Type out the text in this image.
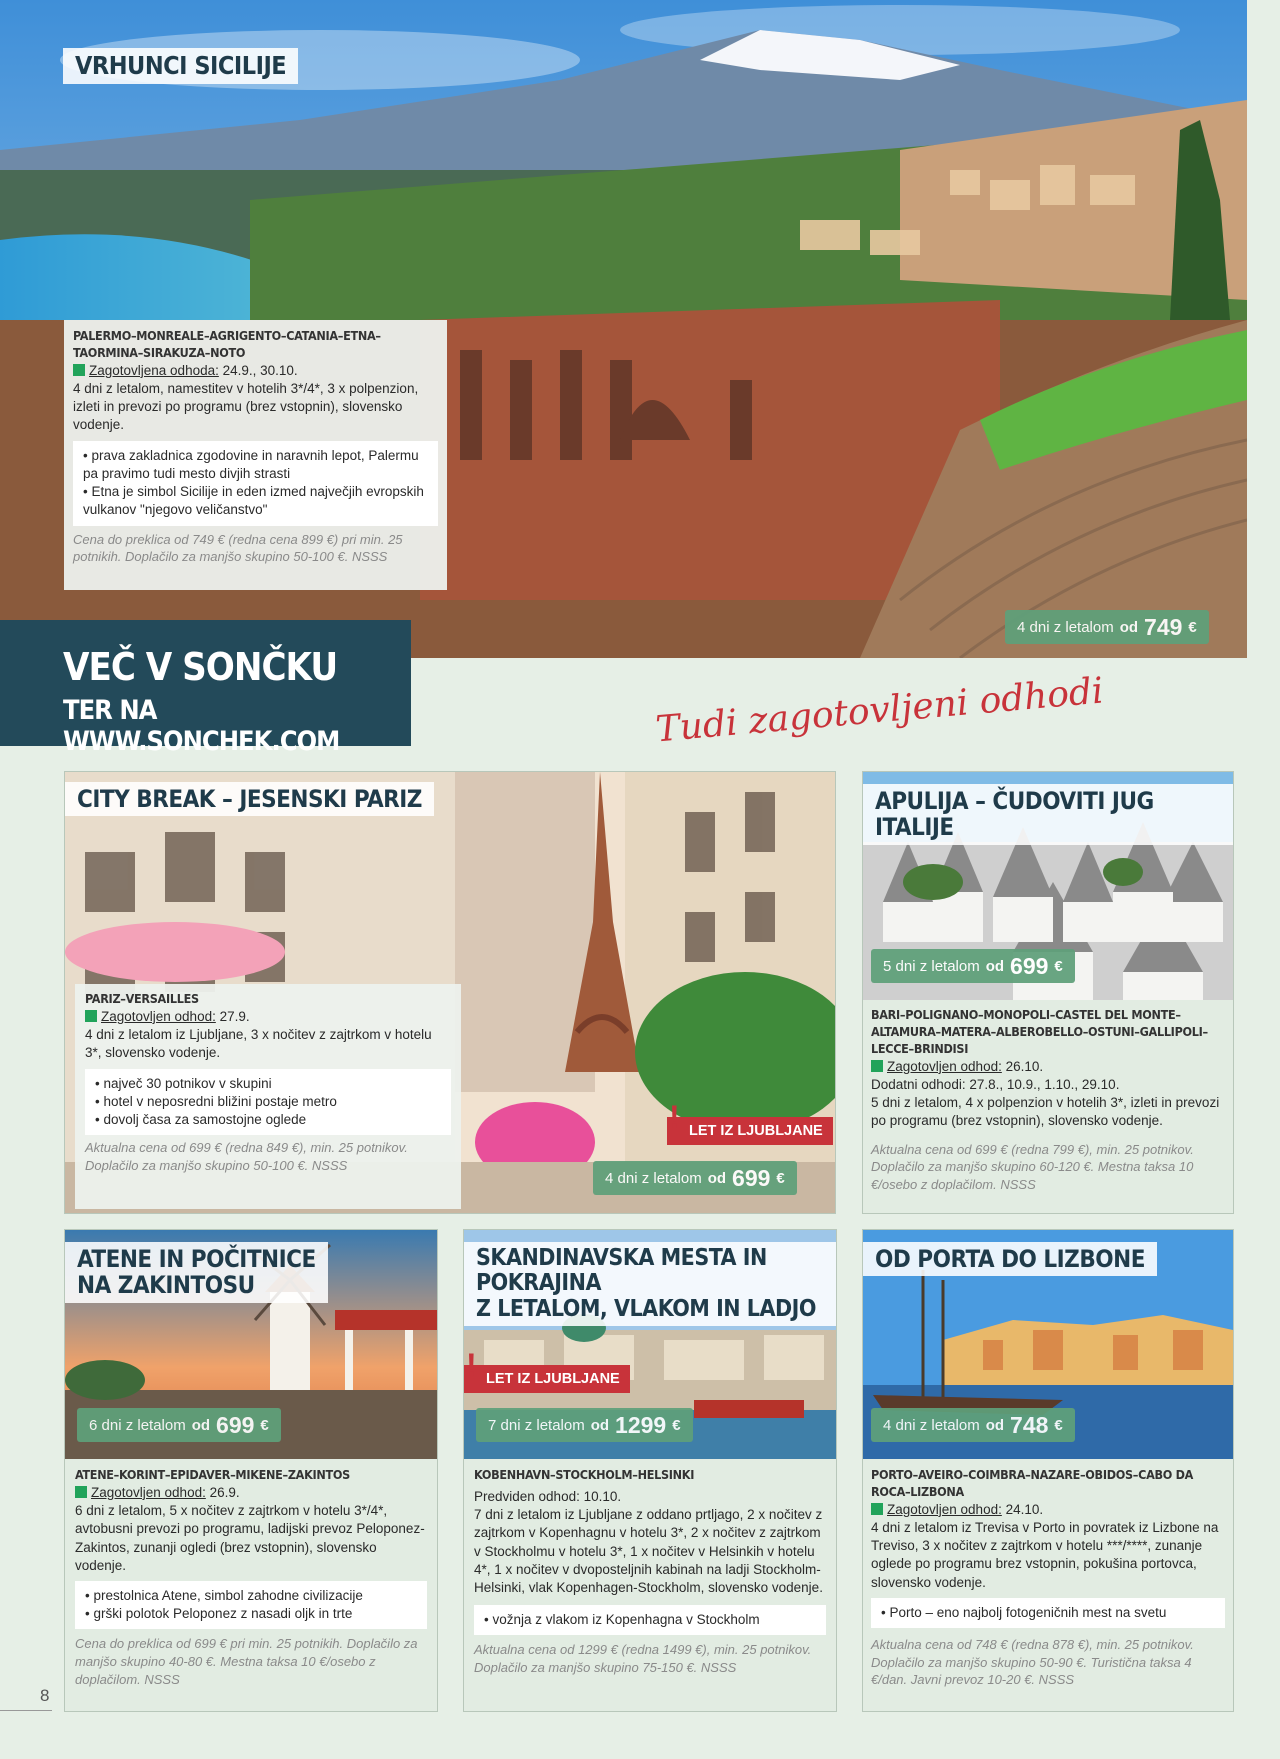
VRHUNCI SICILIJE
PALERMO–MONREALE–AGRIGENTO–CATANIA–ETNA–TAORMINA–SIRAKUZA–NOTO
Zagotovljena odhoda: 24.9., 30.10.
4 dni z letalom, namestitev v hotelih 3*/4*, 3 x polpenzion, izleti in prevozi po programu (brez vstopnin), slovensko vodenje.
• prava zakladnica zgodovine in naravnih lepot, Palermu pa pravimo tudi mesto divjih strasti
• Etna je simbol Sicilije in eden izmed največjih evropskih vulkanov "njegovo veličanstvo"
Cena do preklica od 749 € (redna cena 899 €) pri min. 25 potnikih. Doplačilo za manjšo skupino 50-100 €. NSSS
4 dni z letalom od 749 €
VEČ V SONČKU
TER NA WWW.SONCHEK.COM	Tudi zagotovljeni odhodi
CITY BREAK – JESENSKI PARIZ
PARIZ–VERSAILLES
Zagotovljen odhod: 27.9.
4 dni z letalom iz Ljubljane, 3 x nočitev z zajtrkom v hotelu 3*, slovensko vodenje.
• največ 30 potnikov v skupini
• hotel v neposredni bližini postaje metro
• dovolj časa za samostojne oglede
Aktualna cena od 699 € (redna 849 €), min. 25 potnikov. Doplačilo za manjšo skupino 50-100 €. NSSS
! LET IZ LJUBLJANE
4 dni z letalom od 699 €
APULIJA – ČUDOVITI JUG ITALIJE
5 dni z letalom od 699 €
BARI–POLIGNANO–MONOPOLI–CASTEL DEL MONTE–ALTAMURA–MATERA–ALBEROBELLO–OSTUNI–GALLIPOLI–LECCE–BRINDISI
Zagotovljen odhod: 26.10.
Dodatni odhodi: 27.8., 10.9., 1.10., 29.10.
5 dni z letalom, 4 x polpenzion v hotelih 3*, izleti in prevozi po programu (brez vstopnin), slovensko vodenje.
Aktualna cena od 699 € (redna 799 €), min. 25 potnikov. Doplačilo za manjšo skupino 60-120 €. Mestna taksa 10 €/osebo z doplačilom. NSSS
ATENE IN POČITNICE
NA ZAKINTOSU
6 dni z letalom od 699 €
ATENE–KORINT–EPIDAVER–MIKENE–ZAKINTOS
Zagotovljen odhod: 26.9.
6 dni z letalom, 5 x nočitev z zajtrkom v hotelu 3*/4*, avtobusni prevozi po programu, ladijski prevoz Peloponez-Zakintos, zunanji ogledi (brez vstopnin), slovensko vodenje.
• prestolnica Atene, simbol zahodne civilizacije
• grški polotok Peloponez z nasadi oljk in trte
Cena do preklica od 699 € pri min. 25 potnikih. Doplačilo za manjšo skupino 40-80 €. Mestna taksa 10 €/osebo z doplačilom. NSSS
SKANDINAVSKA MESTA IN POKRAJINA
Z LETALOM, VLAKOM IN LADJO
! LET IZ LJUBLJANE
7 dni z letalom od 1299 €
KOBENHAVN–STOCKHOLM–HELSINKI
Predviden odhod: 10.10.
7 dni z letalom iz Ljubljane z oddano prtljago, 2 x nočitev z zajtrkom v Kopenhagnu v hotelu 3*, 2 x nočitev z zajtrkom v Stockholmu v hotelu 3*, 1 x nočitev v Helsinkih v hotelu 4*, 1 x nočitev v dvoposteljnih kabinah na ladji Stockholm-Helsinki, vlak Kopenhagen-Stockholm, slovensko vodenje.
• vožnja z vlakom iz Kopenhagna v Stockholm
Aktualna cena od 1299 € (redna 1499 €), min. 25 potnikov. Doplačilo za manjšo skupino 75-150 €. NSSS
OD PORTA DO LIZBONE
4 dni z letalom od 748 €
PORTO–AVEIRO–COIMBRA–NAZARE–OBIDOS–CABO DA ROCA–LIZBONA
Zagotovljen odhod: 24.10.
4 dni z letalom iz Trevisa v Porto in povratek iz Lizbone na Treviso, 3 x nočitev z zajtrkom v hotelu ***/****, zunanje oglede po programu brez vstopnin, pokušina portovca, slovensko vodenje.
• Porto – eno najbolj fotogeničnih mest na svetu
Aktualna cena od 748 € (redna 878 €), min. 25 potnikov. Doplačilo za manjšo skupino 50-90 €. Turistična taksa 4 €/dan. Javni prevoz 10-20 €. NSSS
8
